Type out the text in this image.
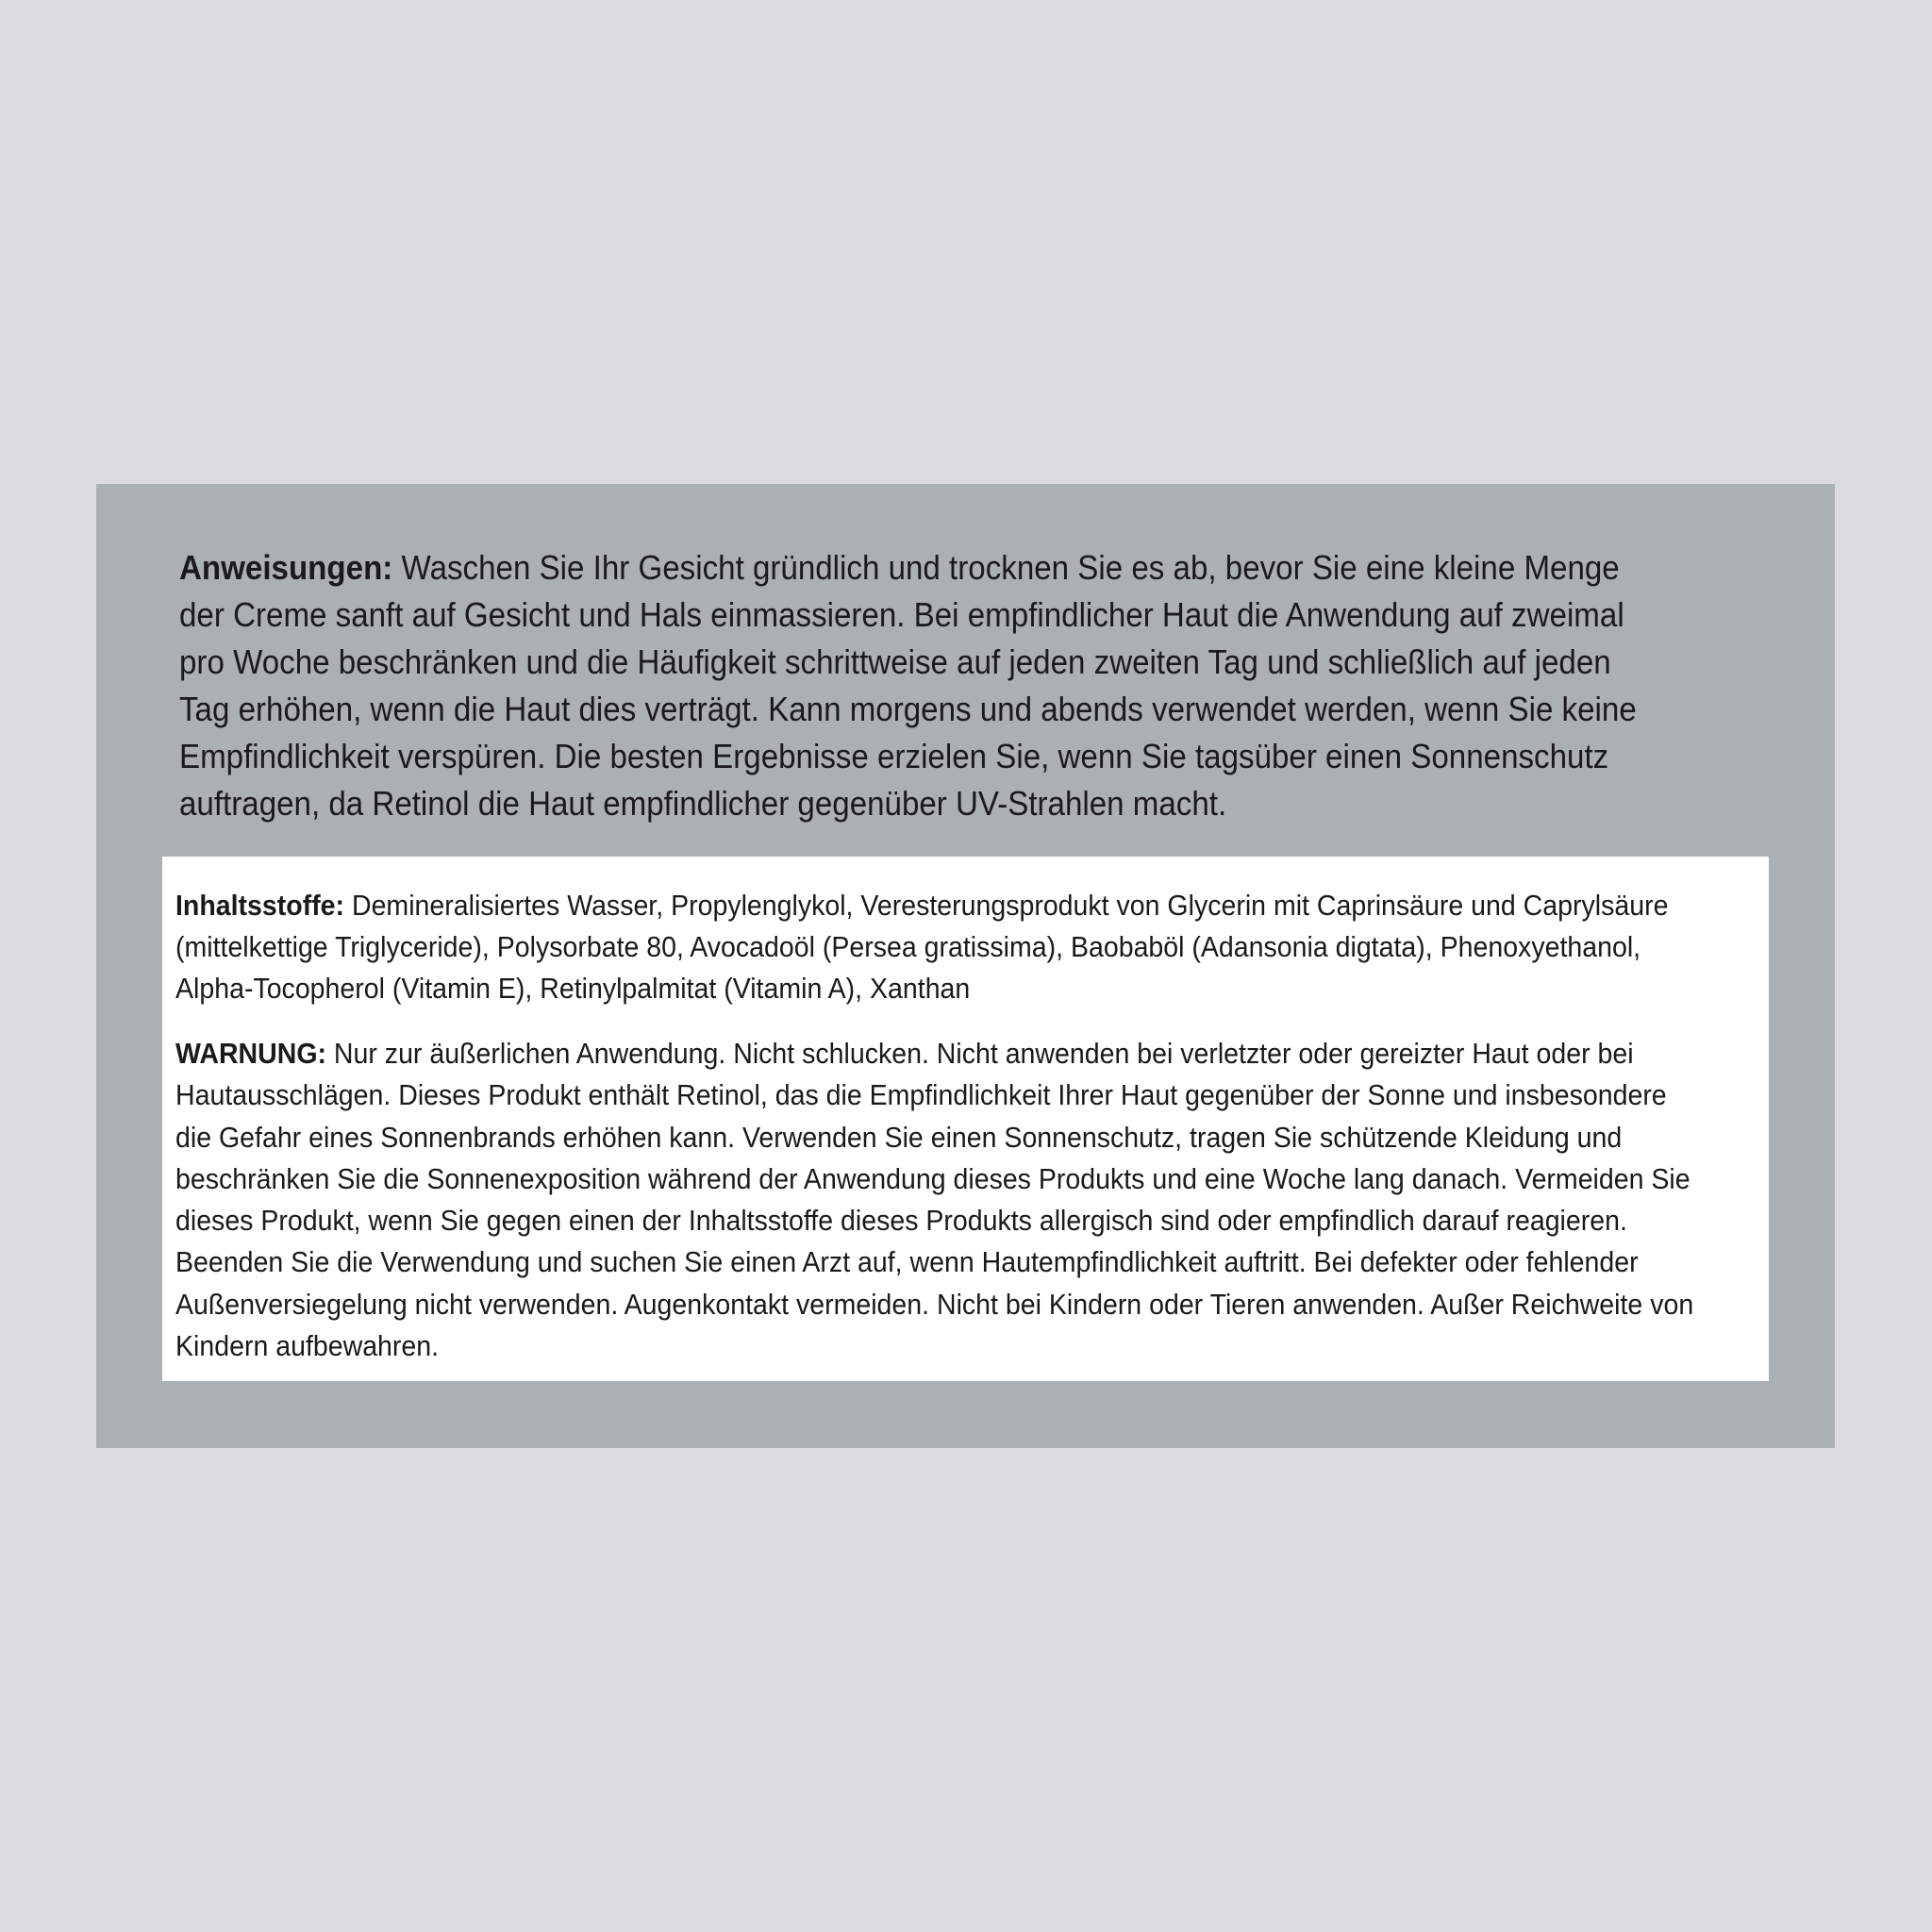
Anweisungen: Waschen Sie Ihr Gesicht gründlich und trocknen Sie es ab, bevor Sie eine kleine Menge der Creme sanft auf Gesicht und Hals einmassieren. Bei empfindlicher Haut die Anwendung auf zweimal pro Woche beschränken und die Häufigkeit schrittweise auf jeden zweiten Tag und schließlich auf jeden Tag erhöhen, wenn die Haut dies verträgt. Kann morgens und abends verwendet werden, wenn Sie keine Empfindlichkeit verspüren. Die besten Ergebnisse erzielen Sie, wenn Sie tagsüber einen Sonnenschutz auftragen, da Retinol die Haut empfindlicher gegenüber UV-Strahlen macht.

Inhaltsstoffe: Demineralisiertes Wasser, Propylenglykol, Veresterungsprodukt von Glycerin mit Caprinsäure und Caprylsäure (mittelkettige Triglyceride), Polysorbate 80, Avocadoöl (Persea gratissima), Baobaböl (Adansonia digtata), Phenoxyethanol, Alpha-Tocopherol (Vitamin E), Retinylpalmitat (Vitamin A), Xanthan

WARNUNG: Nur zur äußerlichen Anwendung. Nicht schlucken. Nicht anwenden bei verletzter oder gereizter Haut oder bei Hautausschlägen. Dieses Produkt enthält Retinol, das die Empfindlichkeit Ihrer Haut gegenüber der Sonne und insbesondere die Gefahr eines Sonnenbrands erhöhen kann. Verwenden Sie einen Sonnenschutz, tragen Sie schützende Kleidung und beschränken Sie die Sonnenexposition während der Anwendung dieses Produkts und eine Woche lang danach. Vermeiden Sie dieses Produkt, wenn Sie gegen einen der Inhaltsstoffe dieses Produkts allergisch sind oder empfindlich darauf reagieren. Beenden Sie die Verwendung und suchen Sie einen Arzt auf, wenn Hautempfindlichkeit auftritt. Bei defekter oder fehlender Außenversiegelung nicht verwenden. Augenkontakt vermeiden. Nicht bei Kindern oder Tieren anwenden. Außer Reichweite von Kindern aufbewahren.
